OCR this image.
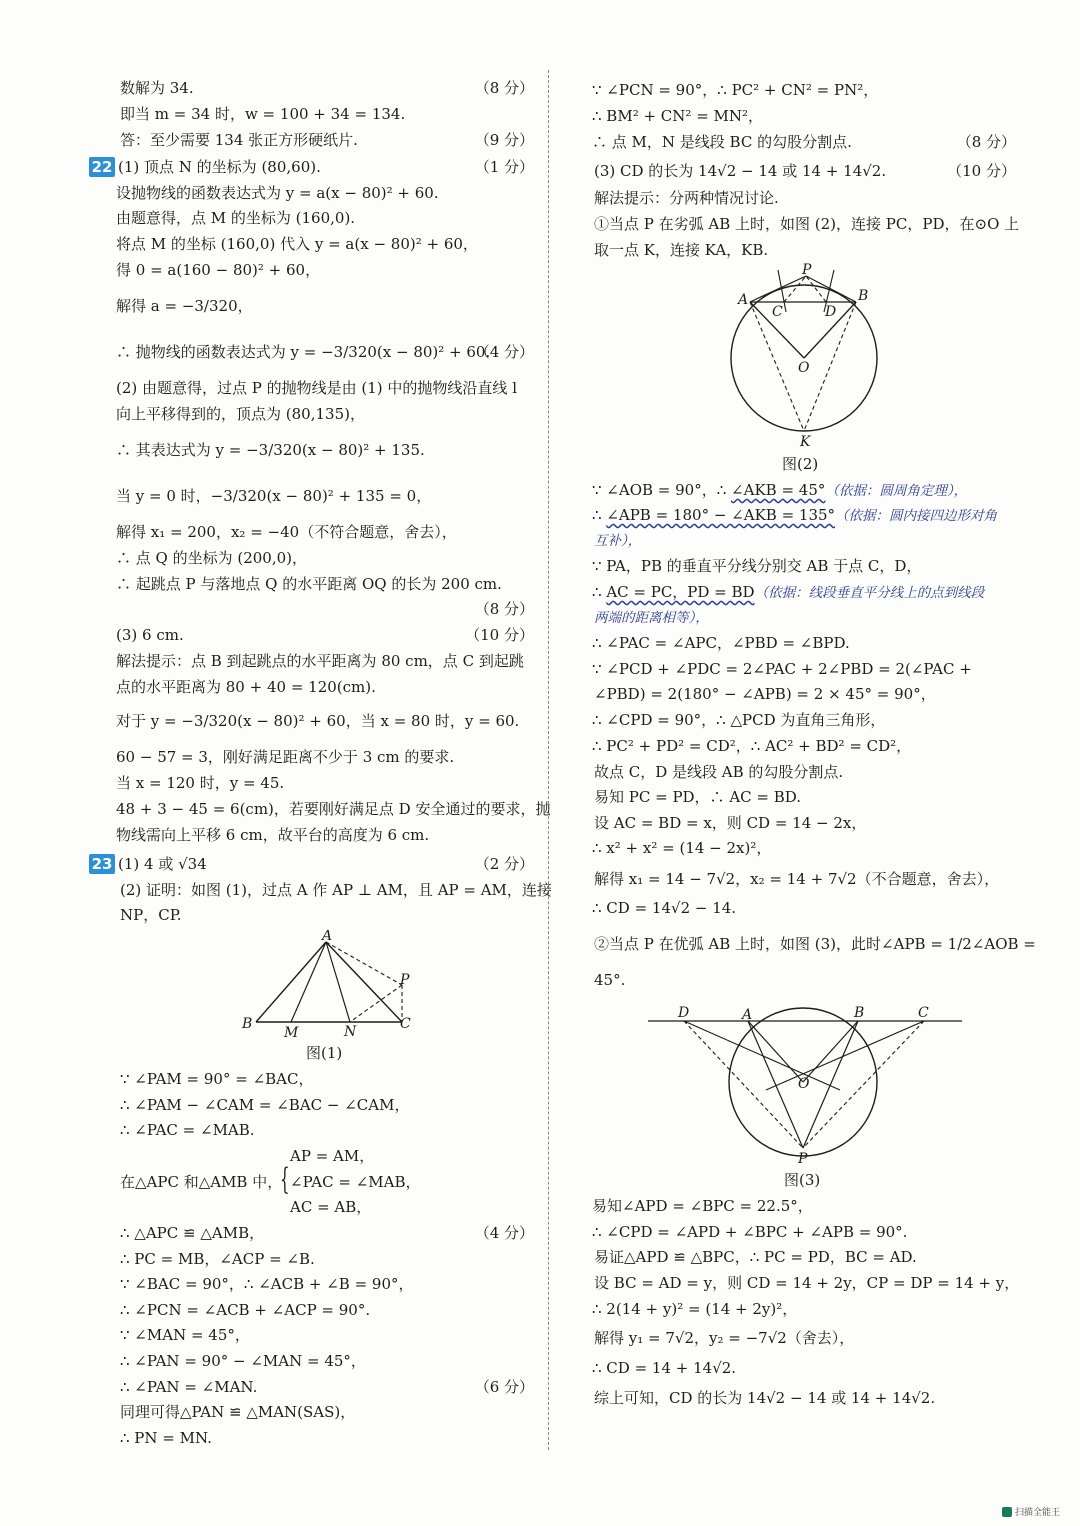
数解为 34.	（8 分）
即当 m = 34 时，w = 100 + 34 = 134.
答：至少需要 134 张正方形硬纸片.	（9 分）
22 (1) 顶点 N 的坐标为 (80,60).	（1 分）
设抛物线的函数表达式为 y = a(x − 80)² + 60.
由题意得，点 M 的坐标为 (160,0).
将点 M 的坐标 (160,0) 代入 y = a(x − 80)² + 60，
得 0 = a(160 − 80)² + 60，
解得 a = −3/320，
∴ 抛物线的函数表达式为 y = −3/320(x − 80)² + 60.
（4 分）
(2) 由题意得，过点 P 的抛物线是由 (1) 中的抛物线沿直线 l
向上平移得到的，顶点为 (80,135)，
∴ 其表达式为 y = −3/320(x − 80)² + 135.
当 y = 0 时，−3/320(x − 80)² + 135 = 0，
解得 x₁ = 200，x₂ = −40（不符合题意，舍去），
∴ 点 Q 的坐标为 (200,0)，
∴ 起跳点 P 与落地点 Q 的水平距离 OQ 的长为 200 cm.
（8 分）
(3) 6 cm.	（10 分）
解法提示：点 B 到起跳点的水平距离为 80 cm，点 C 到起跳
点的水平距离为 80 + 40 = 120(cm).
对于 y = −3/320(x − 80)² + 60，当 x = 80 时，y = 60.
60 − 57 = 3，刚好满足距离不少于 3 cm 的要求.
当 x = 120 时，y = 45.
48 + 3 − 45 = 6(cm)，若要刚好满足点 D 安全通过的要求，抛
物线需向上平移 6 cm，故平台的高度为 6 cm.
23 (1) 4 或 √34	（2 分）
(2) 证明：如图 (1)，过点 A 作 AP ⊥ AM，且 AP = AM，连接
NP，CP.
A
B
M	N	C
P
图(1)
∵ ∠PAM = 90° = ∠BAC，
∴ ∠PAM − ∠CAM = ∠BAC − ∠CAM，
∴ ∠PAC = ∠MAB.
在△APC 和△AMB 中，
{
AP = AM，
∠PAC = ∠MAB，
AC = AB，
∴ △APC ≌ △AMB，	（4 分）
∴ PC = MB，∠ACP = ∠B.
∵ ∠BAC = 90°，∴ ∠ACB + ∠B = 90°，
∴ ∠PCN = ∠ACB + ∠ACP = 90°.
∵ ∠MAN = 45°，
∴ ∠PAN = 90° − ∠MAN = 45°，
∴ ∠PAN = ∠MAN.	（6 分）
同理可得△PAN ≌ △MAN(SAS)，
∴ PN = MN.
∵ ∠PCN = 90°，∴ PC² + CN² = PN²，
∴ BM² + CN² = MN²，
∴ 点 M，N 是线段 BC 的勾股分割点.	（8 分）
(3) CD 的长为 14√2 − 14 或 14 + 14√2.	（10 分）
解法提示：分两种情况讨论.
①当点 P 在劣弧 AB 上时，如图 (2)，连接 PC，PD，在⊙O 上
取一点 K，连接 KA，KB.
P
A	B
C	D
O
K
图(2)
∵ ∠AOB = 90°，∴ ∠AKB = 45°（依据：圆周角定理），
∴ ∠APB = 180° − ∠AKB = 135°（依据：圆内接四边形对角
互补），
∵ PA，PB 的垂直平分线分别交 AB 于点 C，D，
∴ AC = PC，PD = BD（依据：线段垂直平分线上的点到线段
两端的距离相等），
∴ ∠PAC = ∠APC，∠PBD = ∠BPD.
∵ ∠PCD + ∠PDC = 2∠PAC + 2∠PBD = 2(∠PAC +
∠PBD) = 2(180° − ∠APB) = 2 × 45° = 90°，
∴ ∠CPD = 90°，∴ △PCD 为直角三角形，
∴ PC² + PD² = CD²，∴ AC² + BD² = CD²，
故点 C，D 是线段 AB 的勾股分割点.
易知 PC = PD，∴ AC = BD.
设 AC = BD = x，则 CD = 14 − 2x，
∴ x² + x² = (14 − 2x)²，
解得 x₁ = 14 − 7√2，x₂ = 14 + 7√2（不合题意，舍去），
∴ CD = 14√2 − 14.
②当点 P 在优弧 AB 上时，如图 (3)，此时∠APB = 1/2∠AOB =
45°.
D	A	B	C
O
P
图(3)
易知∠APD = ∠BPC = 22.5°，
∴ ∠CPD = ∠APD + ∠BPC + ∠APB = 90°.
易证△APD ≌ △BPC，∴ PC = PD，BC = AD.
设 BC = AD = y，则 CD = 14 + 2y，CP = DP = 14 + y，
∴ 2(14 + y)² = (14 + 2y)²，
解得 y₁ = 7√2，y₂ = −7√2（舍去），
∴ CD = 14 + 14√2.
综上可知，CD 的长为 14√2 − 14 或 14 + 14√2.
扫描全能王
